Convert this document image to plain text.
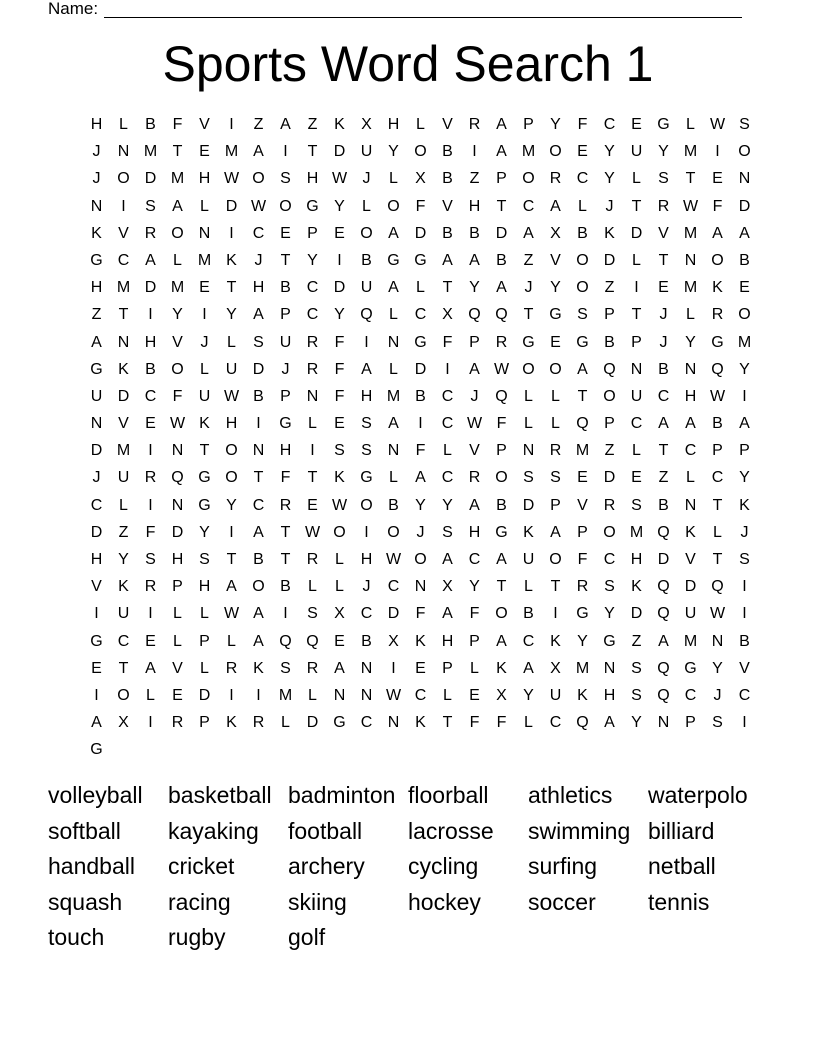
Name:
Sports Word Search 1
H	L	B	F	V	I	Z	A	Z	K	X H	L	V R A	P	Y	F	C E G	L W S
J	N M T	E M A	I	T	D U Y O B	I	A M O E	Y U Y M	I	O
J	O D M H W O S H W J	L	X	B	Z	P O R C Y	L	S	T	E N
N	I	S	A	L	D W O G Y	L	O F	V H	T	C A	L	J	T	R W F	D
K	V R O N	I	C E	P	E O A D B	B D A	X	B	K D V M A	A
G C A	L M K	J	T	Y	I	B G G A	A	B	Z	V O D	L	T	N O B
H M D M E	T	H B C D U A	L	T	Y	A	J	Y O Z	I	E M K	E
Z	T	I	Y	I	Y	A	P C Y Q	L	C X Q Q T G S	P	T	J	L	R O
A N H V	J	L	S U R	F	I	N G F	P R G E G B	P	J	Y G M
G K	B O	L	U D	J	R	F	A	L	D	I	A W O O A Q N B N Q Y
U D C	F	U W B	P N	F	H M B C	J	Q	L	L	T O U C H W	I
N V	E W K H	I	G	L	E	S	A	I	C W F	L	L	Q P C A	A	B	A
D M	I	N	T O N H	I	S	S N	F	L	V	P N R M Z	L	T	C P	P
J	U R Q G O T	F	T	K G	L	A C R O S	S	E D E	Z	L	C Y
C	L	I	N G Y C R E W O B	Y	Y	A	B D P	V R S	B N	T	K
D	Z	F	D Y	I	A	T W O	I	O	J	S H G K	A	P O M Q K	L	J
H Y	S H S	T	B	T	R	L	H W O A C A U O F	C H D V	T	S
V	K R P H A O B	L	L	J	C N X	Y	T	L	T	R S	K Q D Q	I
I	U	I	L	L W A	I	S	X C D	F	A	F O B	I	G Y D Q U W	I
G C E	L	P	L	A Q Q E	B	X	K H P	A C K	Y G Z	A M N B
E	T	A	V	L	R K	S R A N	I	E	P	L	K	A	X M N S Q G Y	V
I	O	L	E D	I	I	M L	N N W C	L	E	X	Y U K H S Q C	J	C
A	X	I	R P	K R	L	D G C N K	T	F	F	L	C Q A	Y N P	S	I
G
volleyball	basketball badminton floorball	athletics	waterpolo
softball	kayaking	football	lacrosse	swimming billiard
handball	cricket	archery	cycling	surfing	netball
squash	racing	skiing	hockey	soccer	tennis
touch	rugby	golf
